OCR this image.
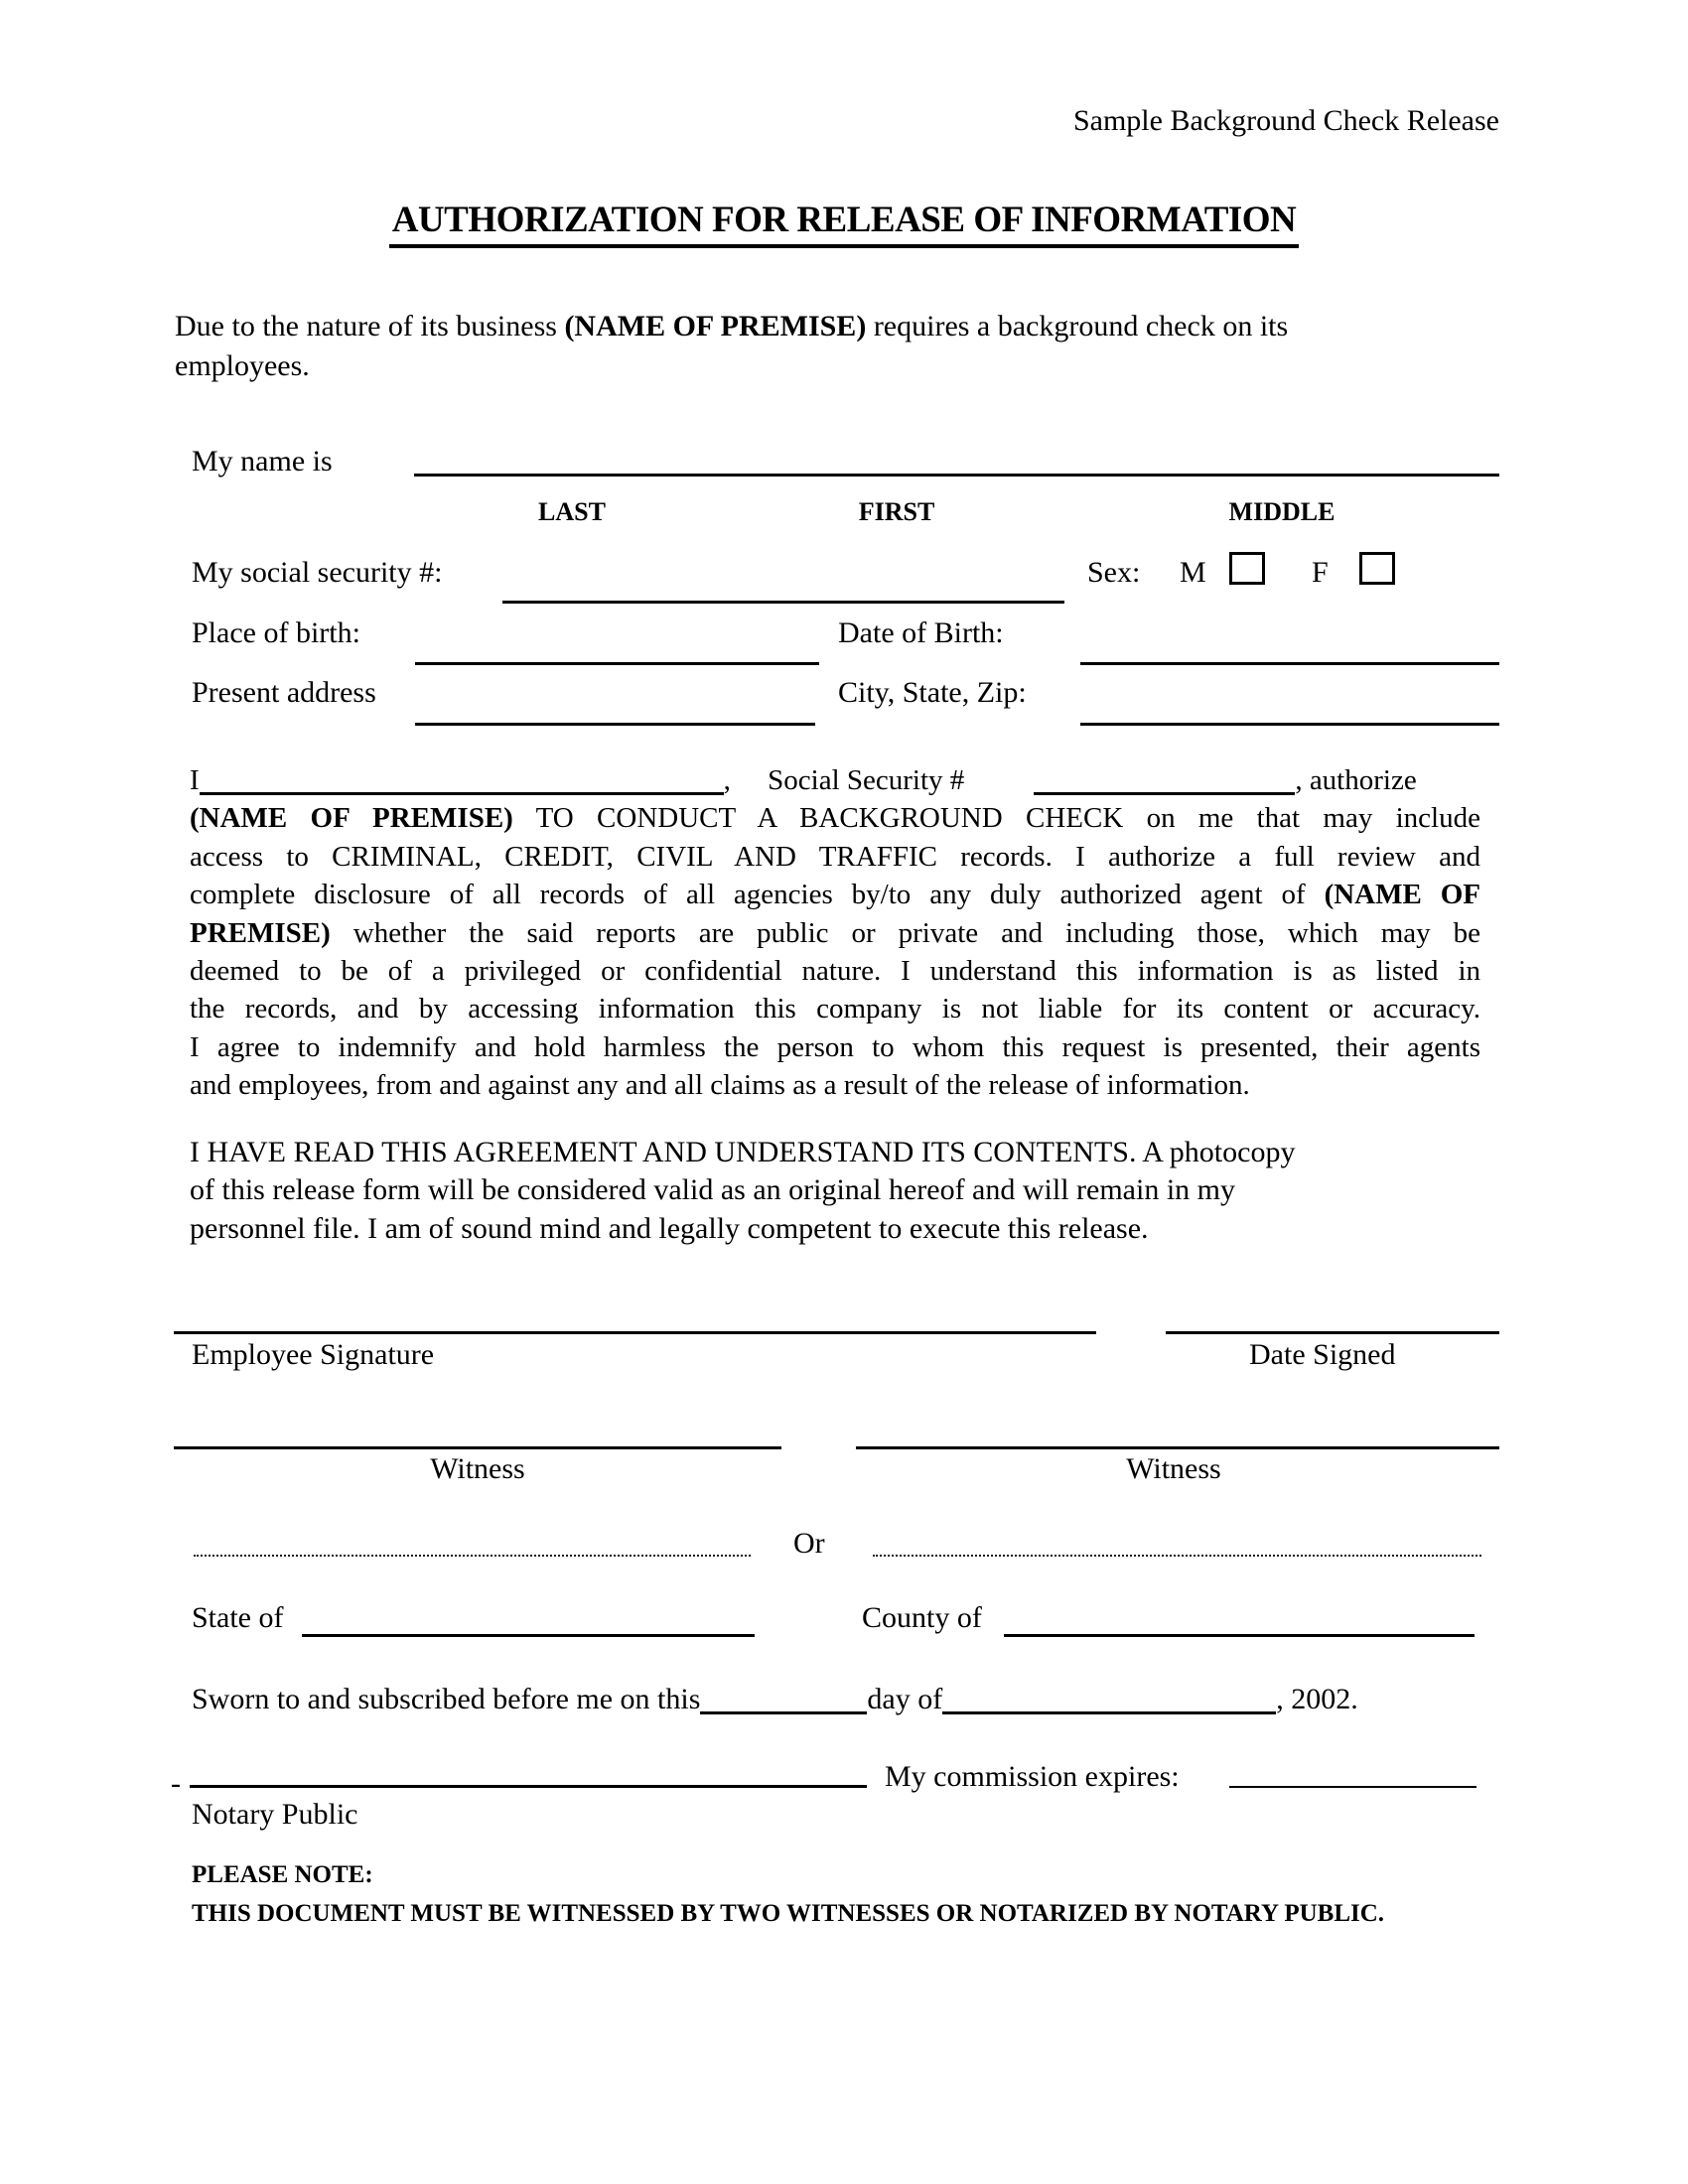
Sample Background Check Release
AUTHORIZATION FOR RELEASE OF INFORMATION
Due to the nature of its business (NAME OF PREMISE) requires a background check on its
employees.
My name is
LAST	FIRST	MIDDLE
My social security #:	Sex: M	F
Place of birth:	Date of Birth:
Present address	City, State, Zip:
I	, Social Security #	, authorize
(NAME OF PREMISE) TO CONDUCT A BACKGROUND CHECK on me that may include
access to CRIMINAL, CREDIT, CIVIL AND TRAFFIC records. I authorize a full review and
complete disclosure of all records of all agencies by/to any duly authorized agent of (NAME OF
PREMISE) whether the said reports are public or private and including those, which may be
deemed to be of a privileged or confidential nature. I understand this information is as listed in
the records, and by accessing information this company is not liable for its content or accuracy.
I agree to indemnify and hold harmless the person to whom this request is presented, their agents
and employees, from and against any and all claims as a result of the release of information.
I HAVE READ THIS AGREEMENT AND UNDERSTAND ITS CONTENTS. A photocopy
of this release form will be considered valid as an original hereof and will remain in my
personnel file. I am of sound mind and legally competent to execute this release.
Employee Signature	Date Signed
Witness	Witness
Or
State of	County of
Sworn to and subscribed before me on this	day of	, 2002.
-	My commission expires:
Notary Public
PLEASE NOTE:
THIS DOCUMENT MUST BE WITNESSED BY TWO WITNESSES OR NOTARIZED BY NOTARY PUBLIC.
